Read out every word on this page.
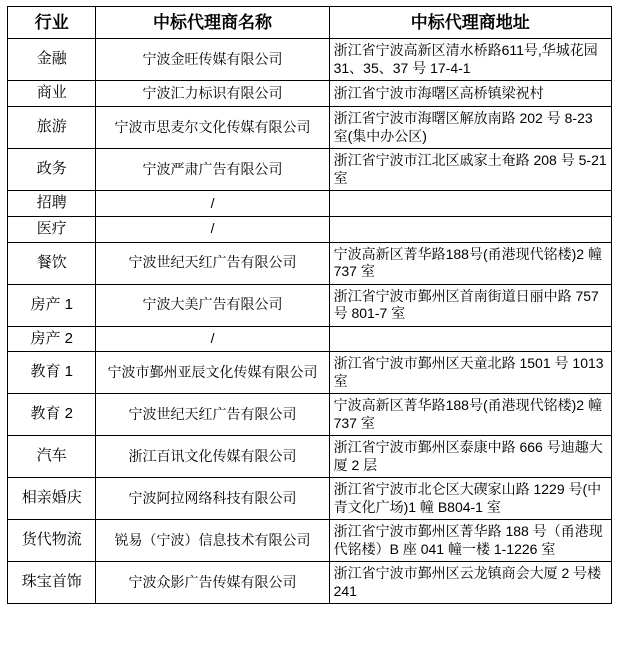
行业	中标代理商名称	中标代理商地址
金融	宁波金旺传媒有限公司	浙江省宁波高新区清水桥路611号,华城花园 31、35、37 号 17-4-1
商业	宁波汇力标识有限公司	浙江省宁波市海曙区高桥镇梁祝村
旅游	宁波市思麦尔文化传媒有限公司	浙江省宁波市海曙区解放南路 202 号 8-23 室(集中办公区)
政务	宁波严肃广告有限公司	浙江省宁波市江北区戚家土奄路 208 号 5-21 室
招聘	/	
医疗	/	
餐饮	宁波世纪天红广告有限公司	宁波高新区菁华路188号(甬港现代铭楼)2 幢 737 室
房产 1	宁波大美广告有限公司	浙江省宁波市鄞州区首南街道日丽中路 757 号 801-7 室
房产 2	/	
教育 1	宁波市鄞州亚辰文化传媒有限公司	浙江省宁波市鄞州区天童北路 1501 号 1013 室
教育 2	宁波世纪天红广告有限公司	宁波高新区菁华路188号(甬港现代铭楼)2 幢 737 室
汽车	浙江百讯文化传媒有限公司	浙江省宁波市鄞州区泰康中路 666 号迪趣大厦 2 层
相亲婚庆	宁波阿拉网络科技有限公司	浙江省宁波市北仑区大碶家山路 1229 号(中青文化广场)1 幢 B804-1 室
货代物流	锐易（宁波）信息技术有限公司	浙江省宁波市鄞州区菁华路 188 号（甬港现代铭楼）B 座 041 幢一楼 1-1226 室
珠宝首饰	宁波众影广告传媒有限公司	浙江省宁波市鄞州区云龙镇商会大厦 2 号楼 241
